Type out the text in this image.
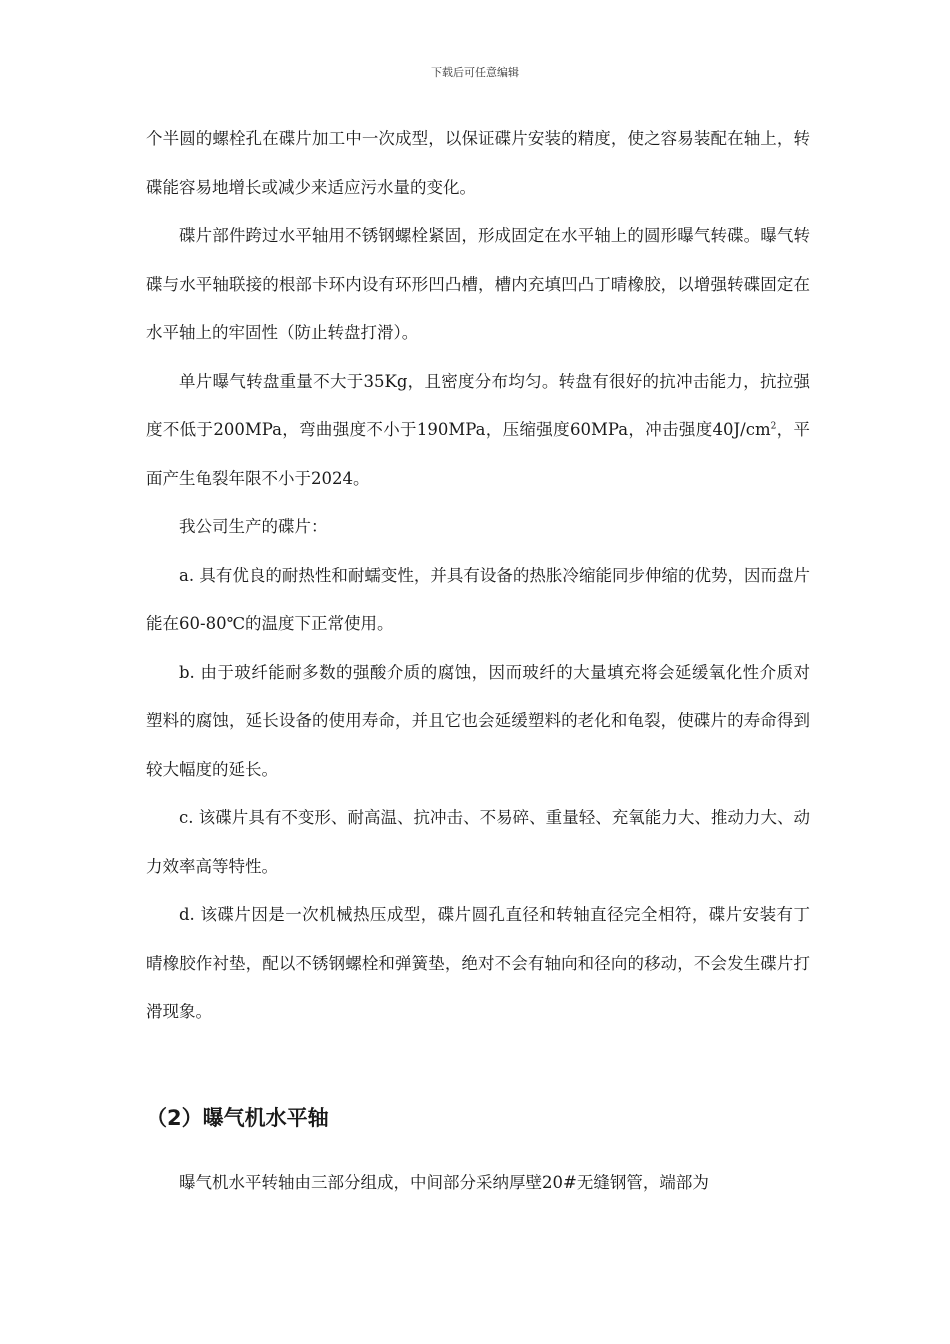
下载后可任意编辑

个半圆的螺栓孔在碟片加工中一次成型，以保证碟片安装的精度，使之容易装配在轴上，转碟能容易地增长或减少来适应污水量的变化。

碟片部件跨过水平轴用不锈钢螺栓紧固，形成固定在水平轴上的圆形曝气转碟。曝气转碟与水平轴联接的根部卡环内设有环形凹凸槽，槽内充填凹凸丁晴橡胶，以增强转碟固定在水平轴上的牢固性（防止转盘打滑）。

单片曝气转盘重量不大于35Kg，且密度分布均匀。转盘有很好的抗冲击能力，抗拉强度不低于200MPa，弯曲强度不小于190MPa，压缩强度60MPa，冲击强度$40J/cm^2$，平面产生龟裂年限不小于2024。

我公司生产的碟片：

a. 具有优良的耐热性和耐蠕变性，并具有设备的热胀冷缩能同步伸缩的优势，因而盘片能在60-80℃的温度下正常使用。

b. 由于玻纤能耐多数的强酸介质的腐蚀，因而玻纤的大量填充将会延缓氧化性介质对塑料的腐蚀，延长设备的使用寿命，并且它也会延缓塑料的老化和龟裂，使碟片的寿命得到较大幅度的延长。

c. 该碟片具有不变形、耐高温、抗冲击、不易碎、重量轻、充氧能力大、推动力大、动力效率高等特性。

d. 该碟片因是一次机械热压成型，碟片圆孔直径和转轴直径完全相符，碟片安装有丁晴橡胶作衬垫，配以不锈钢螺栓和弹簧垫，绝对不会有轴向和径向的移动，不会发生碟片打滑现象。

（2）曝气机水平轴

曝气机水平转轴由三部分组成，中间部分采纳厚壁20#无缝钢管，端部为
